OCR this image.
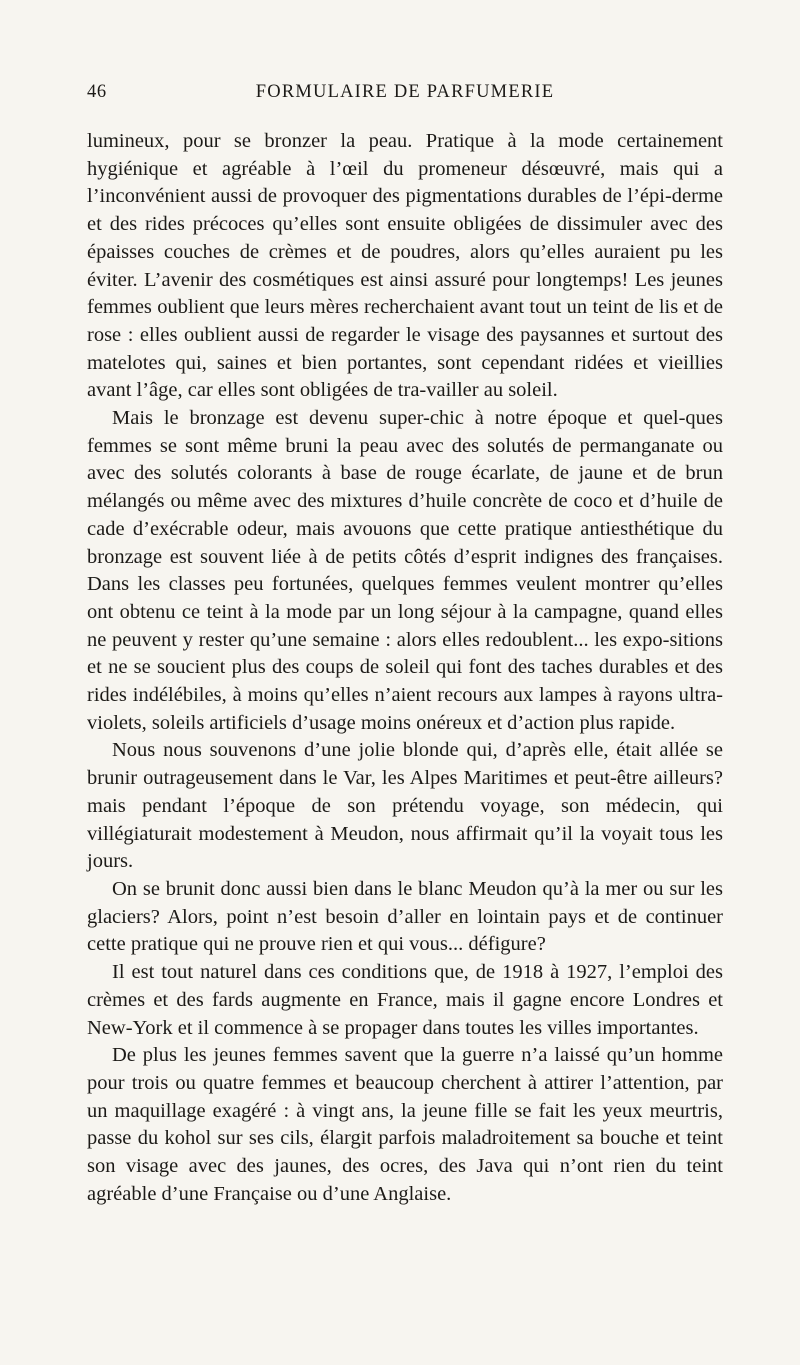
46	FORMULAIRE DE PARFUMERIE

lumineux, pour se bronzer la peau. Pratique à la mode certainement hygiénique et agréable à l’œil du promeneur désœuvré, mais qui a l’inconvénient aussi de provoquer des pigmentations durables de l’épi-derme et des rides précoces qu’elles sont ensuite obligées de dissimuler avec des épaisses couches de crèmes et de poudres, alors qu’elles auraient pu les éviter. L’avenir des cosmétiques est ainsi assuré pour longtemps! Les jeunes femmes oublient que leurs mères recherchaient avant tout un teint de lis et de rose : elles oublient aussi de regarder le visage des paysannes et surtout des matelotes qui, saines et bien portantes, sont cependant ridées et vieillies avant l’âge, car elles sont obligées de tra-vailler au soleil.

Mais le bronzage est devenu super-chic à notre époque et quel-ques femmes se sont même bruni la peau avec des solutés de permanganate ou avec des solutés colorants à base de rouge écarlate, de jaune et de brun mélangés ou même avec des mixtures d’huile concrète de coco et d’huile de cade d’exécrable odeur, mais avouons que cette pratique antiesthétique du bronzage est souvent liée à de petits côtés d’esprit indignes des françaises. Dans les classes peu fortunées, quelques femmes veulent montrer qu’elles ont obtenu ce teint à la mode par un long séjour à la campagne, quand elles ne peuvent y rester qu’une semaine : alors elles redoublent... les expo-sitions et ne se soucient plus des coups de soleil qui font des taches durables et des rides indélébiles, à moins qu’elles n’aient recours aux lampes à rayons ultra-violets, soleils artificiels d’usage moins onéreux et d’action plus rapide.

Nous nous souvenons d’une jolie blonde qui, d’après elle, était allée se brunir outrageusement dans le Var, les Alpes Maritimes et peut-être ailleurs? mais pendant l’époque de son prétendu voyage, son médecin, qui villégiaturait modestement à Meudon, nous affirmait qu’il la voyait tous les jours.

On se brunit donc aussi bien dans le blanc Meudon qu’à la mer ou sur les glaciers? Alors, point n’est besoin d’aller en lointain pays et de continuer cette pratique qui ne prouve rien et qui vous... défigure?

Il est tout naturel dans ces conditions que, de 1918 à 1927, l’emploi des crèmes et des fards augmente en France, mais il gagne encore Londres et New-York et il commence à se propager dans toutes les villes importantes.

De plus les jeunes femmes savent que la guerre n’a laissé qu’un homme pour trois ou quatre femmes et beaucoup cherchent à attirer l’attention, par un maquillage exagéré : à vingt ans, la jeune fille se fait les yeux meurtris, passe du kohol sur ses cils, élargit parfois maladroitement sa bouche et teint son visage avec des jaunes, des ocres, des Java qui n’ont rien du teint agréable d’une Française ou d’une Anglaise.
